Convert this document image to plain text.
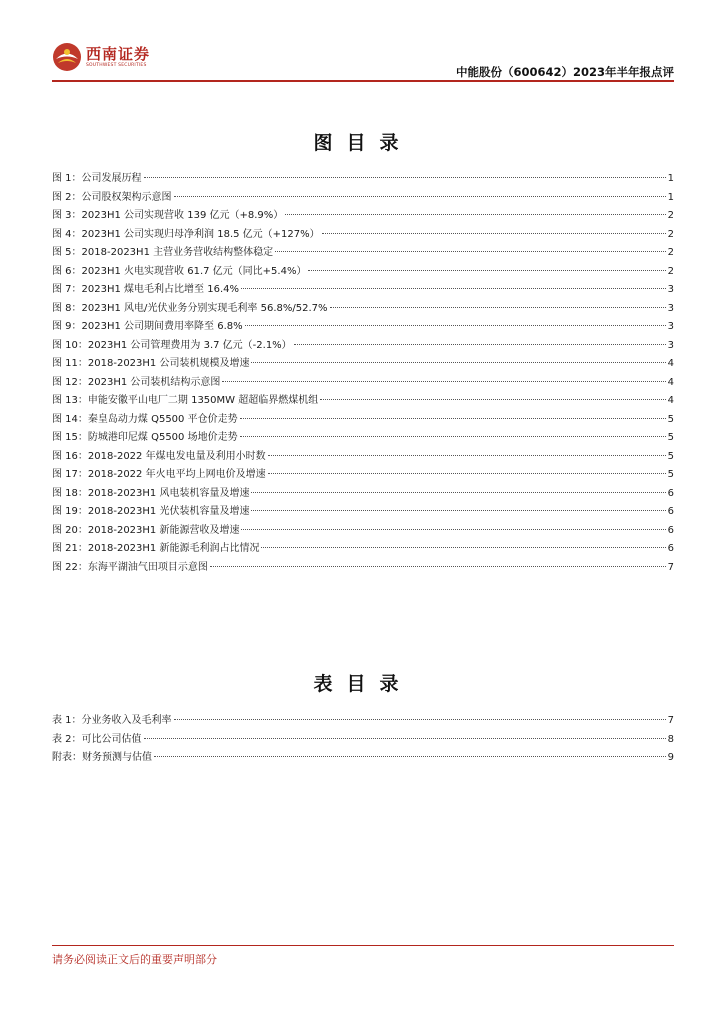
西南证券
SOUTHWEST SECURITIES	中能股份（600642）2023年半年报点评
图目录
图 1：公司发展历程	1
图 2：公司股权架构示意图	1
图 3：2023H1 公司实现营收 139 亿元（+8.9%）	2
图 4：2023H1 公司实现归母净利润 18.5 亿元（+127%）	2
图 5：2018-2023H1 主营业务营收结构整体稳定	2
图 6：2023H1 火电实现营收 61.7 亿元（同比+5.4%）	2
图 7：2023H1 煤电毛利占比增至 16.4%	3
图 8：2023H1 风电/光伏业务分别实现毛利率 56.8%/52.7%	3
图 9：2023H1 公司期间费用率降至 6.8%	3
图 10：2023H1 公司管理费用为 3.7 亿元（-2.1%）	3
图 11：2018-2023H1 公司装机规模及增速	4
图 12：2023H1 公司装机结构示意图	4
图 13：申能安徽平山电厂二期 1350MW 超超临界燃煤机组	4
图 14：秦皇岛动力煤 Q5500 平仓价走势	5
图 15：防城港印尼煤 Q5500 场地价走势	5
图 16：2018-2022 年煤电发电量及利用小时数	5
图 17：2018-2022 年火电平均上网电价及增速	5
图 18：2018-2023H1 风电装机容量及增速	6
图 19：2018-2023H1 光伏装机容量及增速	6
图 20：2018-2023H1 新能源营收及增速	6
图 21：2018-2023H1 新能源毛利润占比情况	6
图 22：东海平湖油气田项目示意图	7
表目录
表 1：分业务收入及毛利率	7
表 2：可比公司估值	8
附表：财务预测与估值	9
请务必阅读正文后的重要声明部分
